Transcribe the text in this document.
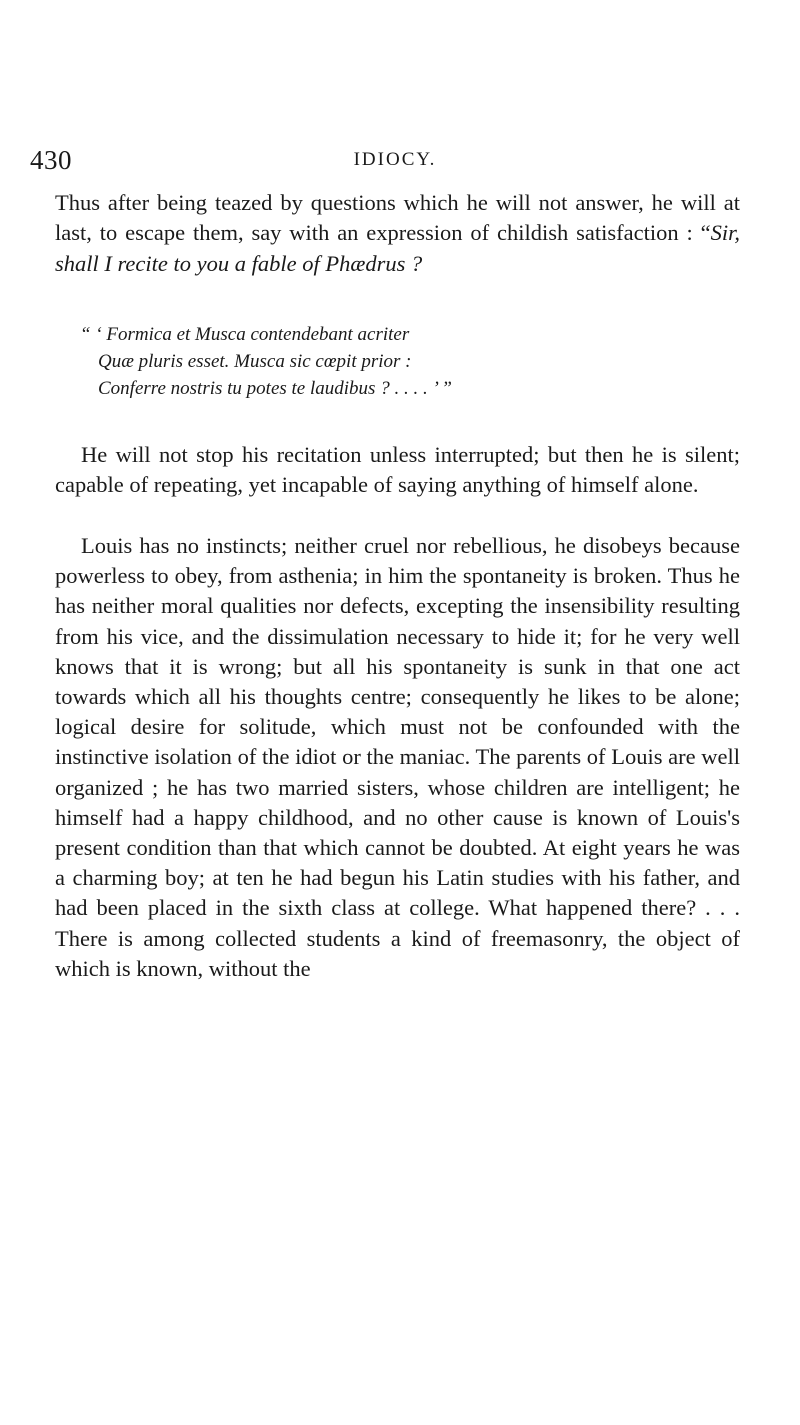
430	IDIOCY.

Thus after being teazed by questions which he will not answer, he will at last, to escape them, say with an expression of childish satisfaction : “Sir, shall I recite to you a fable of Phædrus ?

“ ‘ Formica et Musca contendebant acriter
Quæ pluris esset. Musca sic cœpit prior :
Conferre nostris tu potes te laudibus ? . . . . ’ ”

He will not stop his recitation unless interrupted; but then he is silent; capable of repeating, yet incapable of saying anything of himself alone.

Louis has no instincts; neither cruel nor rebellious, he disobeys because powerless to obey, from asthenia; in him the spontaneity is broken. Thus he has neither moral qualities nor defects, excepting the insensibility resulting from his vice, and the dissimulation necessary to hide it; for he very well knows that it is wrong; but all his spontaneity is sunk in that one act towards which all his thoughts centre; consequently he likes to be alone; logical desire for solitude, which must not be confounded with the instinctive isolation of the idiot or the maniac. The parents of Louis are well organized ; he has two married sisters, whose children are intelligent; he himself had a happy childhood, and no other cause is known of Louis's present condition than that which cannot be doubted. At eight years he was a charming boy; at ten he had begun his Latin studies with his father, and had been placed in the sixth class at college. What happened there? . . . There is among collected students a kind of freemasonry, the object of which is known, without the
